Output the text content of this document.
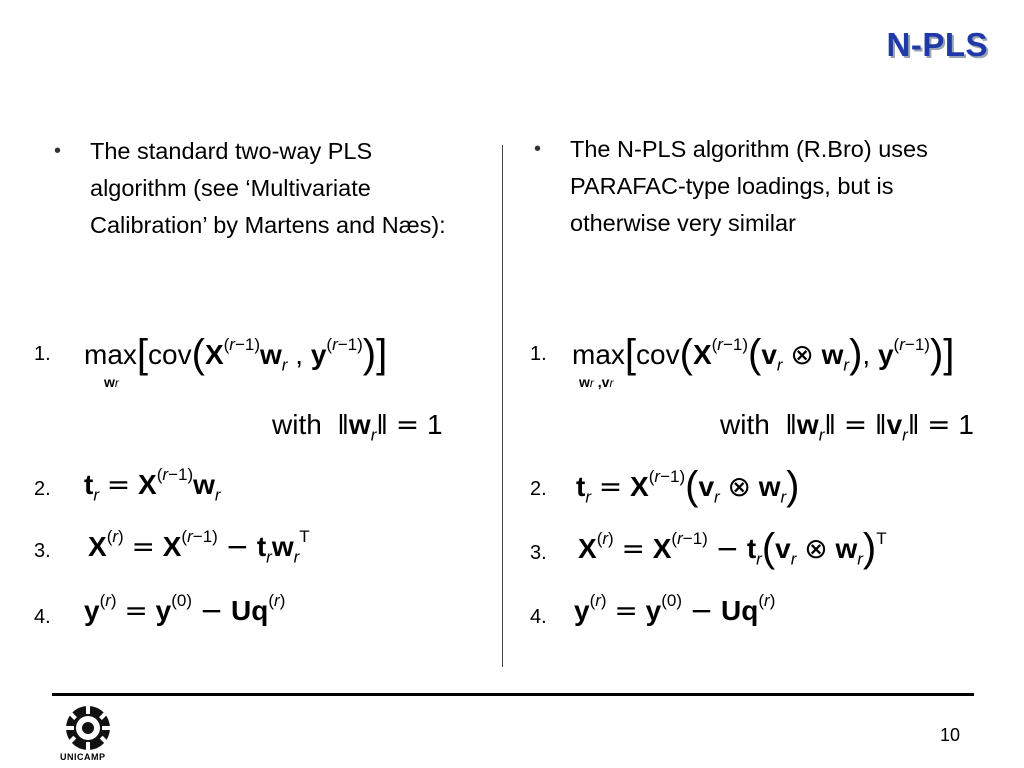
N-PLS
• The standard two-way PLS algorithm (see ‘Multivariate Calibration’ by Martens and Næs):
• The N-PLS algorithm (R.Bro) uses PARAFAC-type loadings, but is otherwise very similar
1. $\max[cov(X^{(r-1)}w_r$ , $y^{(r-1)}$)]
wr
with  $‖w_r‖ = 1$
2. $t_r = X^{(r-1)}w_r$
3. $X^{(r)} = X^{(r-1)} - t_rw_r^T$
4. $y^{(r)} = y^{(0)} - Uq^{(r)}$
1. $\max[cov(X^{(r-1)}(v_r$ ⊗ $w_r$), $y^{(r-1)}$)]
wr ,vr
with  $‖w_r‖$ = $‖v_r‖ = 1$
2. $t_r = X^{(r-1)}(v_r$ ⊗ $w_r$)
3. $X^{(r)} = X^{(r-1)} - t_r(v_r$ ⊗ $w_r)^T$
4. $y^{(r)} = y^{(0)} - Uq^{(r)}$
UNICAMP
10
